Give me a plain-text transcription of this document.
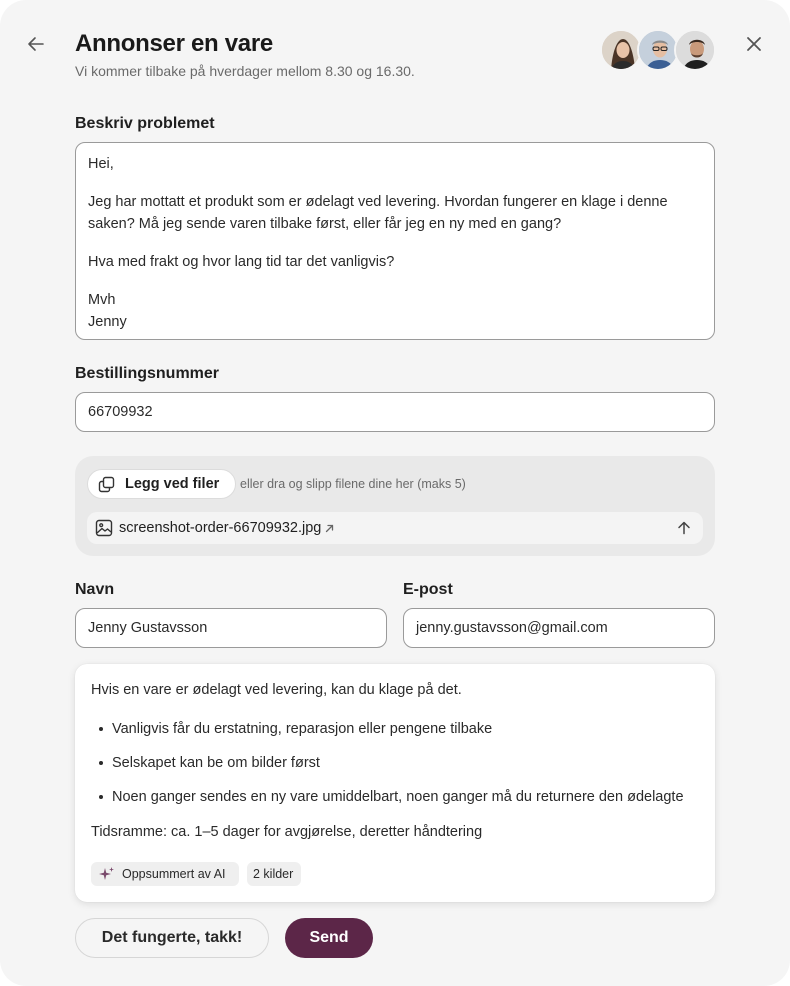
Annonser en vare
Vi kommer tilbake på hverdager mellom 8.30 og 16.30.
Beskriv problemet

Hei,

Jeg har mottatt et produkt som er ødelagt ved levering. Hvordan fungerer en klage i denne saken? Må jeg sende varen tilbake først, eller får jeg en ny med en gang?

Hva med frakt og hvor lang tid tar det vanligvis?

Mvh
Jenny
Bestillingsnummer
66709932
Legg ved filer eller dra og slipp filene dine her (maks 5)
screenshot-order-66709932.jpg
Navn
Jenny Gustavsson
E-post
jenny.gustavsson@gmail.com
Hvis en vare er ødelagt ved levering, kan du klage på det.
Vanligvis får du erstatning, reparasjon eller pengene tilbake
Selskapet kan be om bilder først
Noen ganger sendes en ny vare umiddelbart, noen ganger må du returnere den ødelagte
Tidsramme: ca. 1–5 dager for avgjørelse, deretter håndtering
Oppsummert av AI 2 kilder
Det fungerte, takk!	Send
